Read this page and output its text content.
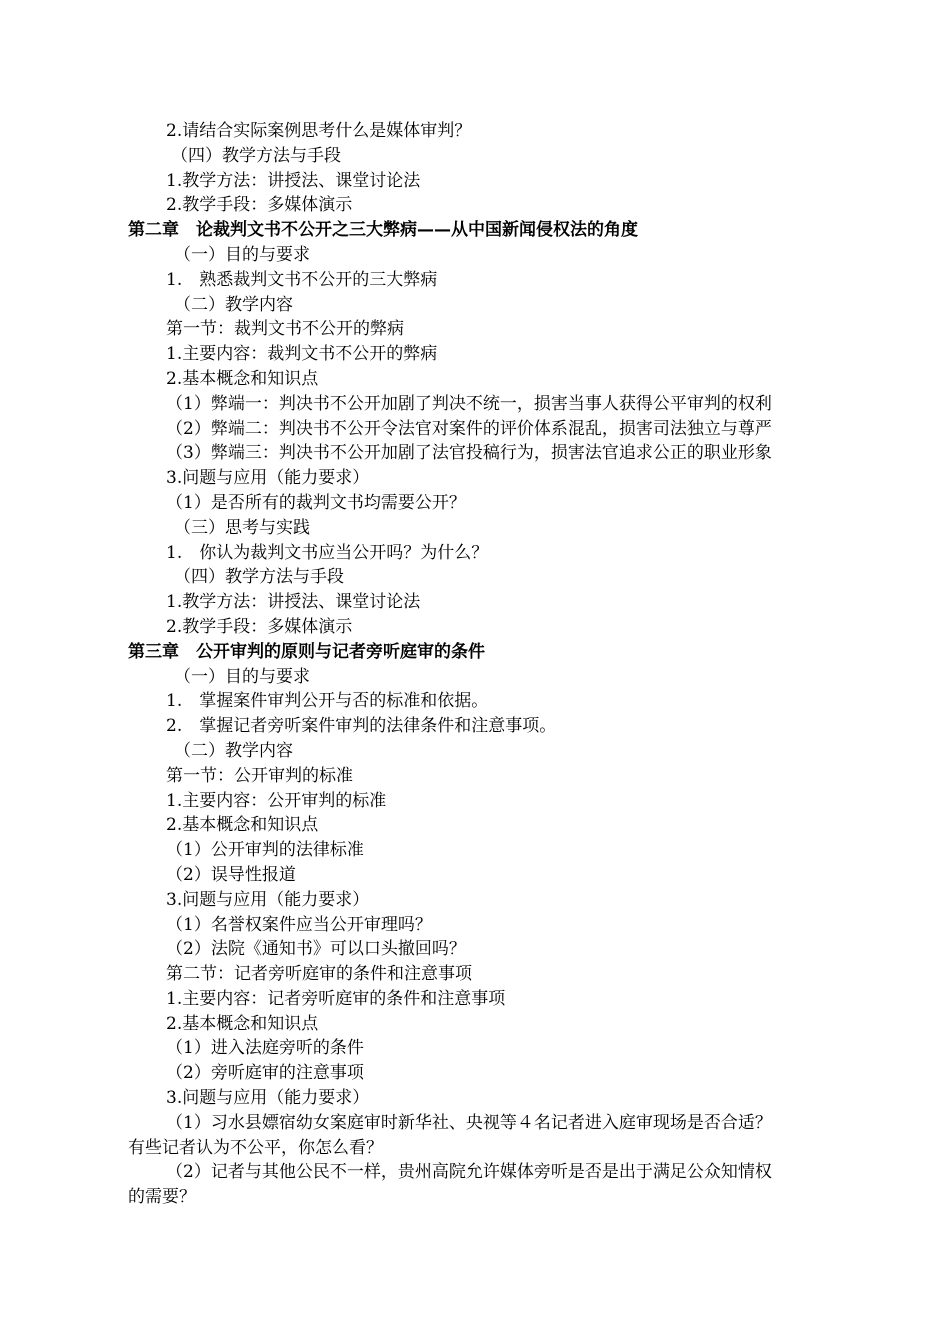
2.请结合实际案例思考什么是媒体审判？
（四）教学方法与手段
1.教学方法：讲授法、课堂讨论法
2.教学手段：多媒体演示
第二章　论裁判文书不公开之三大弊病——从中国新闻侵权法的角度
（一）目的与要求
1.　熟悉裁判文书不公开的三大弊病
（二）教学内容
第一节：裁判文书不公开的弊病
1.主要内容：裁判文书不公开的弊病
2.基本概念和知识点
（1）弊端一：判决书不公开加剧了判决不统一，损害当事人获得公平审判的权利
（2）弊端二：判决书不公开令法官对案件的评价体系混乱，损害司法独立与尊严
（3）弊端三：判决书不公开加剧了法官投稿行为，损害法官追求公正的职业形象
3.问题与应用（能力要求）
（1）是否所有的裁判文书均需要公开？
（三）思考与实践
1.　你认为裁判文书应当公开吗？为什么？
（四）教学方法与手段
1.教学方法：讲授法、课堂讨论法
2.教学手段：多媒体演示
第三章　公开审判的原则与记者旁听庭审的条件
（一）目的与要求
1.　掌握案件审判公开与否的标准和依据。
2.　掌握记者旁听案件审判的法律条件和注意事项。
（二）教学内容
第一节：公开审判的标准
1.主要内容：公开审判的标准
2.基本概念和知识点
（1）公开审判的法律标准
（2）误导性报道
3.问题与应用（能力要求）
（1）名誉权案件应当公开审理吗？
（2）法院《通知书》可以口头撤回吗？
第二节：记者旁听庭审的条件和注意事项
1.主要内容：记者旁听庭审的条件和注意事项
2.基本概念和知识点
（1）进入法庭旁听的条件
（2）旁听庭审的注意事项
3.问题与应用（能力要求）
（1）习水县嫖宿幼女案庭审时新华社、央视等４名记者进入庭审现场是否合适？
有些记者认为不公平，你怎么看？
（2）记者与其他公民不一样，贵州高院允许媒体旁听是否是出于满足公众知情权
的需要？
